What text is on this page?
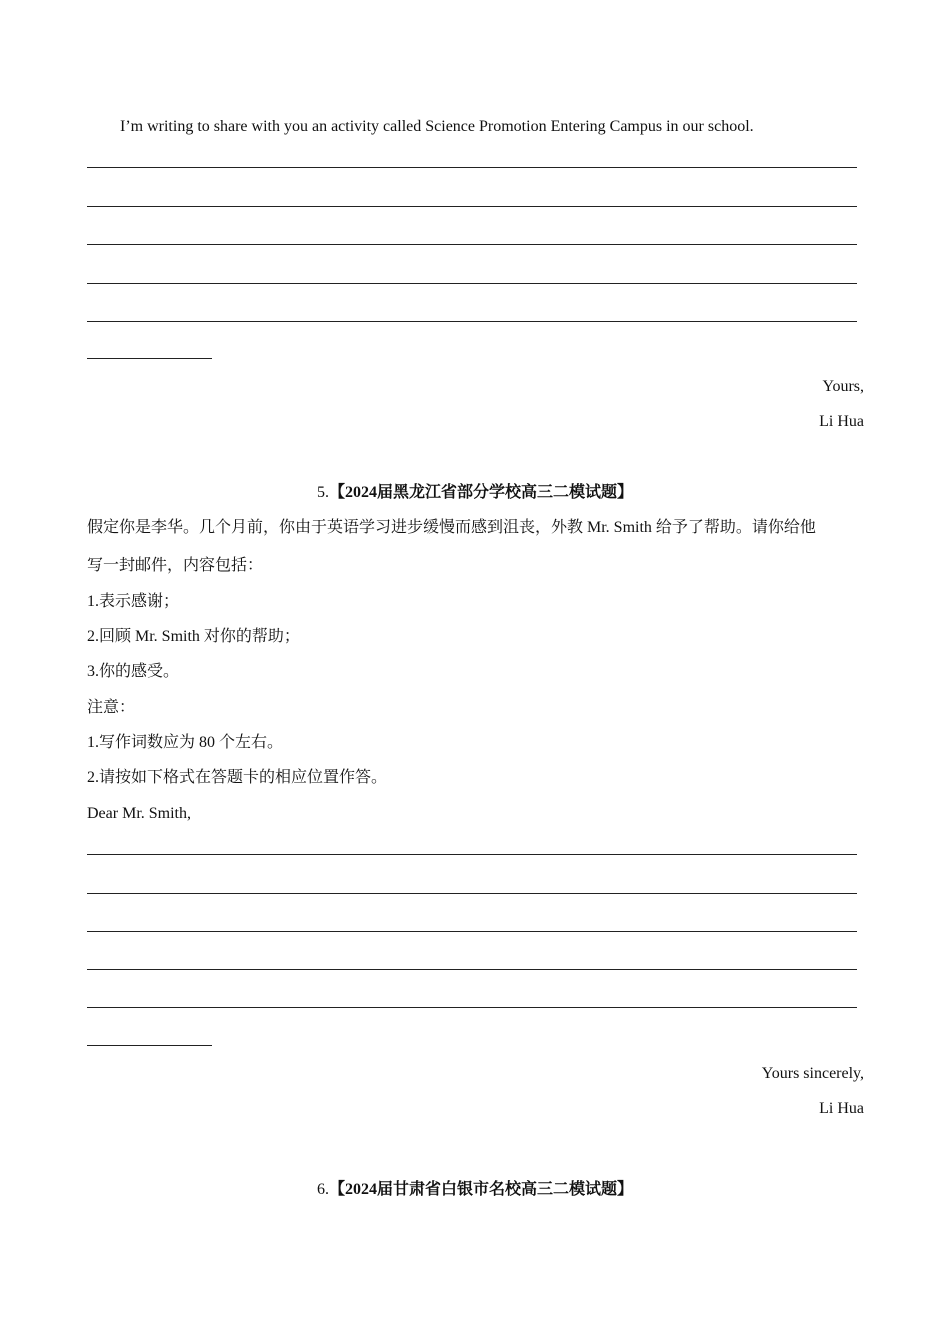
I’m writing to share with you an activity called Science Promotion Entering Campus in our school.
Yours,
Li Hua
5.【2024届黑龙江省部分学校高三二模试题】
假定你是李华。几个月前，你由于英语学习进步缓慢而感到沮丧，外教 Mr. Smith 给予了帮助。请你给他
写一封邮件，内容包括：
1.表示感谢；
2.回顾 Mr. Smith 对你的帮助；
3.你的感受。
注意：
1.写作词数应为 80 个左右。
2.请按如下格式在答题卡的相应位置作答。
Dear Mr. Smith,
Yours sincerely,
Li Hua
6.【2024届甘肃省白银市名校高三二模试题】
